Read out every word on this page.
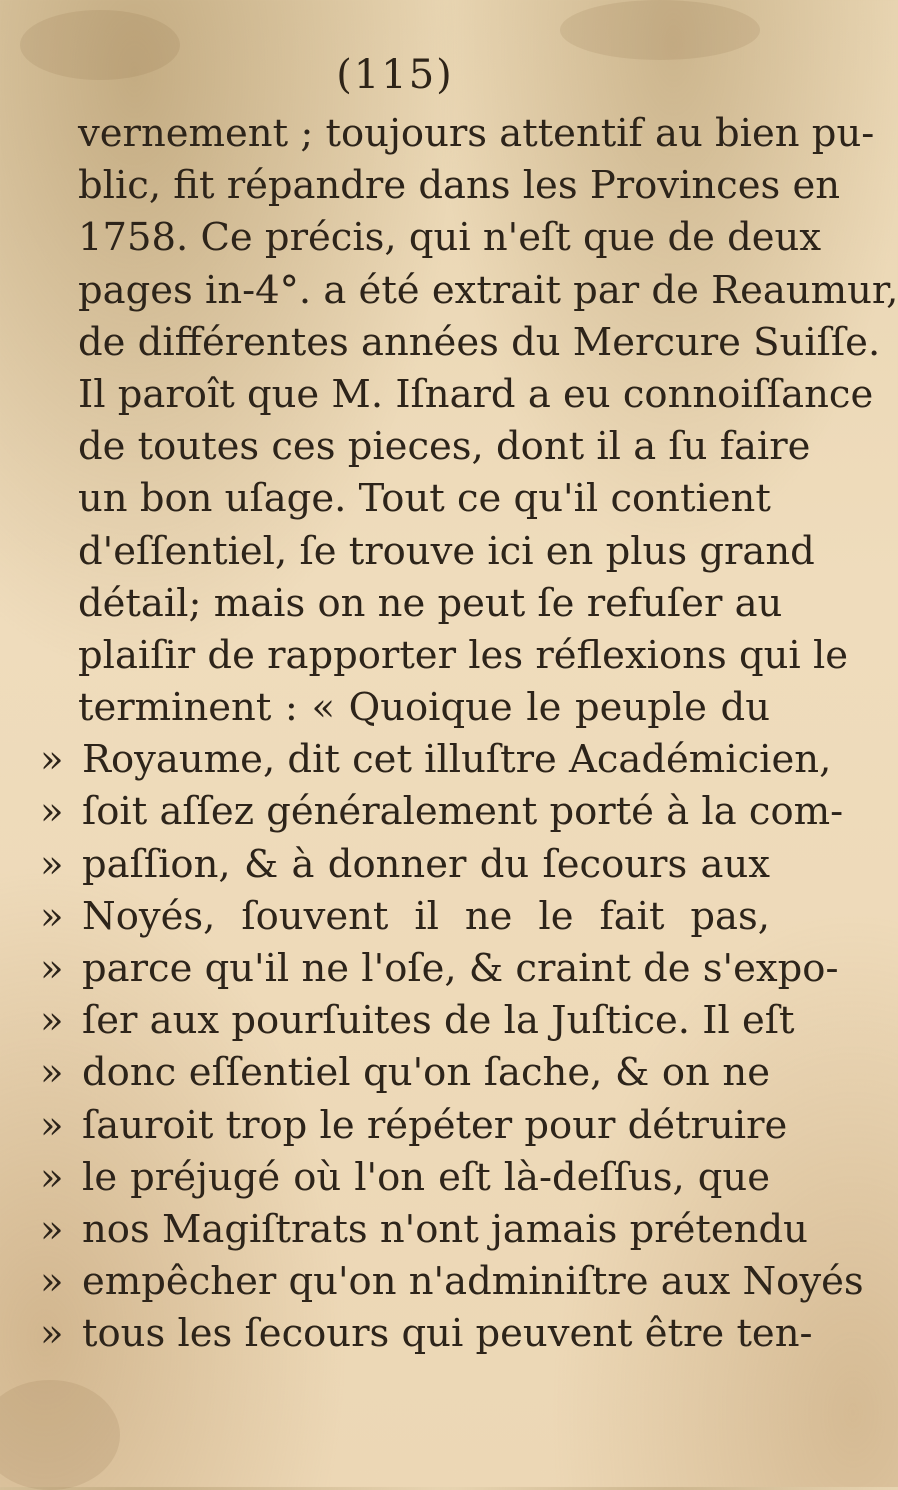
(115)
vernement ; toujours attentif au bien pu-
blic, fit répandre dans les Provinces en
1758. Ce précis, qui n'eſt que de deux
pages in-4°. a été extrait par de Reaumur,
de différentes années du Mercure Suiſſe.
Il paroît que M. Iſnard a eu connoiſſance
de toutes ces pieces, dont il a ſu faire
un bon uſage. Tout ce qu'il contient
d'eſſentiel, ſe trouve ici en plus grand
détail; mais on ne peut ſe refuſer au
plaiſir de rapporter les réflexions qui le
terminent : « Quoique le peuple du
» Royaume, dit cet illuſtre Académicien,
» ſoit aſſez généralement porté à la com-
» paſſion, & à donner du ſecours aux
» Noyés, ſouvent il ne le fait pas,
» parce qu'il ne l'oſe, & craint de s'expo-
» ſer aux pourſuites de la Juſtice. Il eſt
» donc eſſentiel qu'on ſache, & on ne
» ſauroit trop le répéter pour détruire
» le préjugé où l'on eſt là-deſſus, que
» nos Magiſtrats n'ont jamais prétendu
» empêcher qu'on n'adminiſtre aux Noyés
» tous les ſecours qui peuvent être ten-
